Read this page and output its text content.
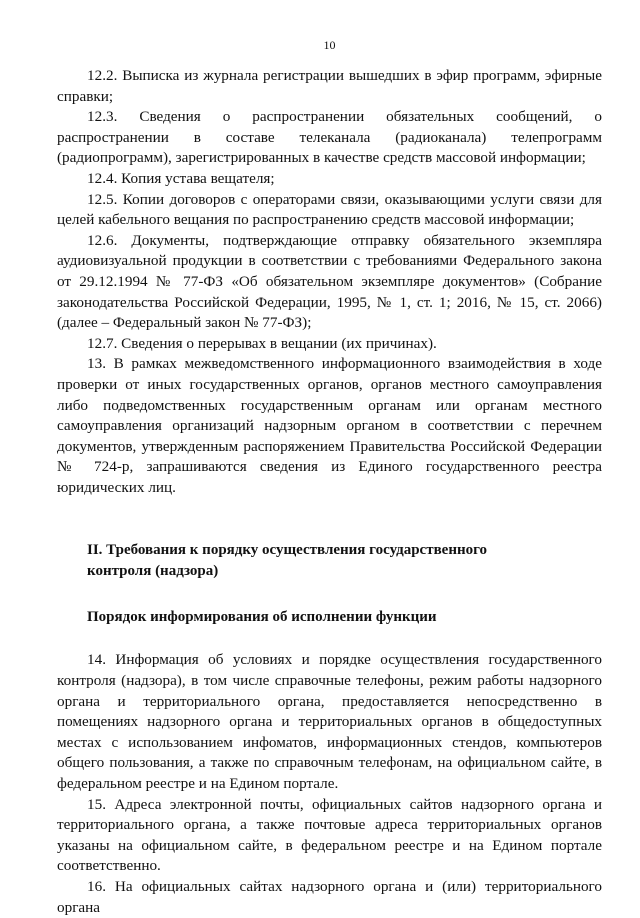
10

12.2. Выписка из журнала регистрации вышедших в эфир программ, эфирные справки;

12.3. Сведения о распространении обязательных сообщений, о распространении в составе телеканала (радиоканала) телепрограмм (радиопрограмм), зарегистрированных в качестве средств массовой информации;

12.4. Копия устава вещателя;

12.5. Копии договоров с операторами связи, оказывающими услуги связи для целей кабельного вещания по распространению средств массовой информации;

12.6. Документы, подтверждающие отправку обязательного экземпляра аудиовизуальной продукции в соответствии с требованиями Федерального закона от 29.12.1994 № 77-ФЗ «Об обязательном экземпляре документов» (Собрание законодательства Российской Федерации, 1995, № 1, ст. 1; 2016, № 15, ст. 2066) (далее – Федеральный закон № 77-ФЗ);

12.7. Сведения о перерывах в вещании (их причинах).

13. В рамках межведомственного информационного взаимодействия в ходе проверки от иных государственных органов, органов местного самоуправления либо подведомственных государственным органам или органам местного самоуправления организаций надзорным органом в соответствии с перечнем документов, утвержденным распоряжением Правительства Российской Федерации № 724-р, запрашиваются сведения из Единого государственного реестра юридических лиц.

II. Требования к порядку осуществления государственного

контроля (надзора)

Порядок информирования об исполнении функции

14. Информация об условиях и порядке осуществления государственного контроля (надзора), в том числе справочные телефоны, режим работы надзорного органа и территориального органа, предоставляется непосредственно в помещениях надзорного органа и территориальных органов в общедоступных местах с использованием инфоматов, информационных стендов, компьютеров общего пользования, а также по справочным телефонам, на официальном сайте, в федеральном реестре и на Едином портале.

15. Адреса электронной почты, официальных сайтов надзорного органа и территориального органа, а также почтовые адреса территориальных органов указаны на официальном сайте, в федеральном реестре и на Едином портале соответственно.

16. На официальных сайтах надзорного органа и (или) территориального органа
